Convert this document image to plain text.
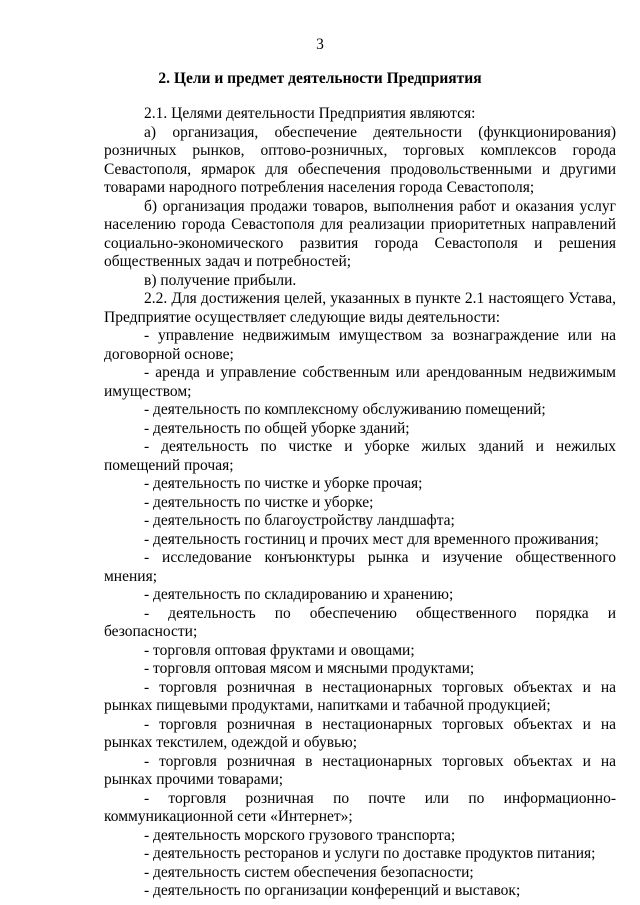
3
2. Цели и предмет деятельности Предприятия

2.1. Целями деятельности Предприятия являются:

а) организация, обеспечение деятельности (функционирования) розничных рынков, оптово-розничных, торговых комплексов города Севастополя, ярмарок для обеспечения продовольственными и другими товарами народного потребления населения города Севастополя;

б) организация продажи товаров, выполнения работ и оказания услуг населению города Севастополя для реализации приоритетных направлений социально-экономического развития города Севастополя и решения общественных задач и потребностей;

в) получение прибыли.

2.2. Для достижения целей, указанных в пункте 2.1 настоящего Устава, Предприятие осуществляет следующие виды деятельности:

- управление недвижимым имуществом за вознаграждение или на договорной основе;

- аренда и управление собственным или арендованным недвижимым имуществом;

- деятельность по комплексному обслуживанию помещений;

- деятельность по общей уборке зданий;

- деятельность по чистке и уборке жилых зданий и нежилых помещений прочая;

- деятельность по чистке и уборке прочая;

- деятельность по чистке и уборке;

- деятельность по благоустройству ландшафта;

- деятельность гостиниц и прочих мест для временного проживания;

- исследование конъюнктуры рынка и изучение общественного мнения;

- деятельность по складированию и хранению;

- деятельность по обеспечению общественного порядка и безопасности;

- торговля оптовая фруктами и овощами;

- торговля оптовая мясом и мясными продуктами;

- торговля розничная в нестационарных торговых объектах и на рынках пищевыми продуктами, напитками и табачной продукцией;

- торговля розничная в нестационарных торговых объектах и на рынках текстилем, одеждой и обувью;

- торговля розничная в нестационарных торговых объектах и на рынках прочими товарами;

- торговля розничная по почте или по информационно-коммуникационной сети «Интернет»;

- деятельность морского грузового транспорта;

- деятельность ресторанов и услуги по доставке продуктов питания;

- деятельность систем обеспечения безопасности;

- деятельность по организации конференций и выставок;
